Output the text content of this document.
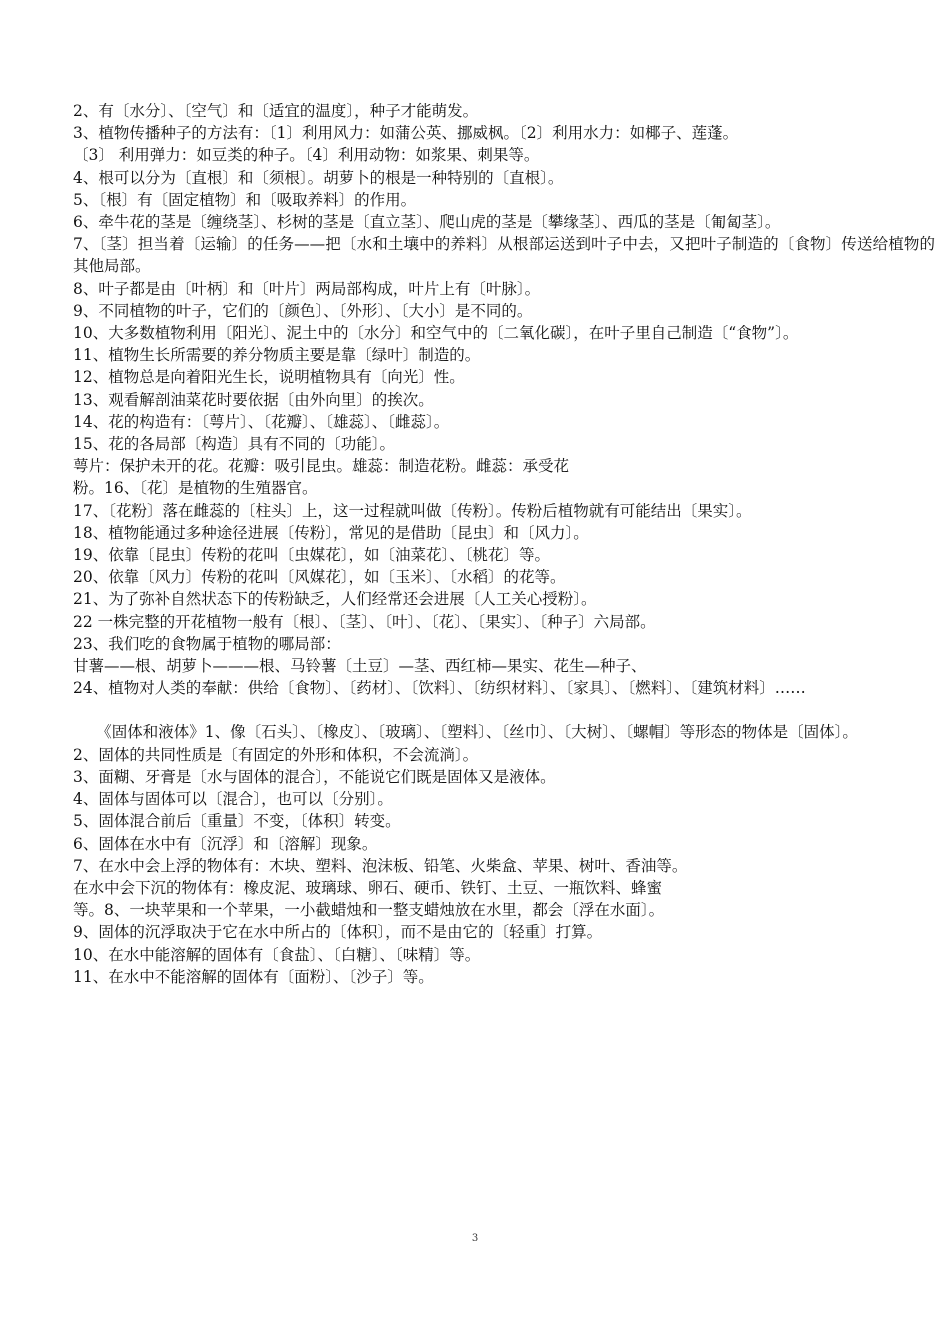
2、有〔水分〕、〔空气〕和〔适宜的温度〕，种子才能萌发。
3、植物传播种子的方法有：〔1〕利用风力：如蒲公英、挪威枫。〔2〕利用水力：如椰子、莲蓬。
〔3〕 利用弹力：如豆类的种子。〔4〕利用动物：如浆果、刺果等。
4、根可以分为〔直根〕和〔须根〕。胡萝卜的根是一种特别的〔直根〕。
5、〔根〕有〔固定植物〕和〔吸取养料〕的作用。
6、牵牛花的茎是〔缠绕茎〕、杉树的茎是〔直立茎〕、爬山虎的茎是〔攀缘茎〕、西瓜的茎是〔匍匐茎〕。
7、〔茎〕担当着〔运输〕的任务——把〔水和土壤中的养料〕从根部运送到叶子中去，又把叶子制造的〔食物〕传送给植物的其他局部。
8、叶子都是由〔叶柄〕和〔叶片〕两局部构成，叶片上有〔叶脉〕。
9、不同植物的叶子，它们的〔颜色〕、〔外形〕、〔大小〕是不同的。
10、大多数植物利用〔阳光〕、泥土中的〔水分〕和空气中的〔二氧化碳〕，在叶子里自己制造〔“食物”〕。
11、植物生长所需要的养分物质主要是靠〔绿叶〕制造的。
12、植物总是向着阳光生长，说明植物具有〔向光〕性。
13、观看解剖油菜花时要依据〔由外向里〕的挨次。
14、花的构造有：〔萼片〕、〔花瓣〕、〔雄蕊〕、〔雌蕊〕。
15、花的各局部〔构造〕具有不同的〔功能〕。
萼片：保护未开的花。花瓣：吸引昆虫。雄蕊：制造花粉。雌蕊：承受花
粉。16、〔花〕是植物的生殖器官。
17、〔花粉〕落在雌蕊的〔柱头〕上，这一过程就叫做〔传粉〕。传粉后植物就有可能结出〔果实〕。
18、植物能通过多种途径进展〔传粉〕，常见的是借助〔昆虫〕和〔风力〕。
19、依靠〔昆虫〕传粉的花叫〔虫媒花〕，如〔油菜花〕、〔桃花〕等。
20、依靠〔风力〕传粉的花叫〔风媒花〕，如〔玉米〕、〔水稻〕的花等。
21、为了弥补自然状态下的传粉缺乏，人们经常还会进展〔人工关心授粉〕。
22 一株完整的开花植物一般有〔根〕、〔茎〕、〔叶〕、〔花〕、〔果实〕、〔种子〕六局部。
23、我们吃的食物属于植物的哪局部：
甘薯——根、胡萝卜———根、马铃薯〔土豆〕—茎、西红柿—果实、花生—种子、
24、植物对人类的奉献：供给〔食物〕、〔药材〕、〔饮料〕、〔纺织材料〕、〔家具〕、〔燃料〕、〔建筑材料〕……
　　《固体和液体》1、像〔石头〕、〔橡皮〕、〔玻璃〕、〔塑料〕、〔丝巾〕、〔大树〕、〔螺帽〕等形态的物体是〔固体〕。
2、固体的共同性质是〔有固定的外形和体积，不会流淌〕。
3、面糊、牙膏是〔水与固体的混合〕，不能说它们既是固体又是液体。
4、固体与固体可以〔混合〕，也可以〔分别〕。
5、固体混合前后〔重量〕不变，〔体积〕转变。
6、固体在水中有〔沉浮〕和〔溶解〕现象。
7、在水中会上浮的物体有：木块、塑料、泡沫板、铅笔、火柴盒、苹果、树叶、香油等。
在水中会下沉的物体有：橡皮泥、玻璃球、卵石、硬币、铁钉、土豆、一瓶饮料、蜂蜜
等。8、一块苹果和一个苹果，一小截蜡烛和一整支蜡烛放在水里，都会〔浮在水面〕。
9、固体的沉浮取决于它在水中所占的〔体积〕，而不是由它的〔轻重〕打算。
10、在水中能溶解的固体有〔食盐〕、〔白糖〕、〔味精〕等。
11、在水中不能溶解的固体有〔面粉〕、〔沙子〕等。
3
